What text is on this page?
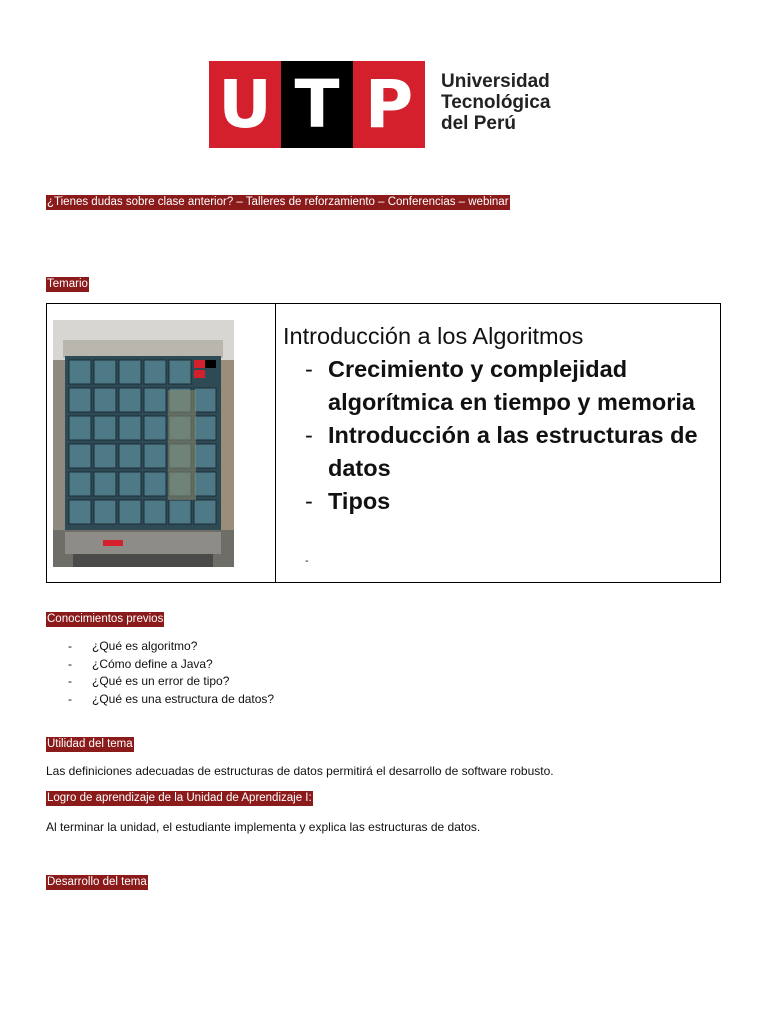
U T P	Universidad
Tecnológica
del Perú
¿Tienes dudas sobre clase anterior? – Talleres de reforzamiento – Conferencias – webinar
Temario
Introducción a los Algoritmos
- Crecimiento y complejidad algorítmica en tiempo y memoria
- Introducción a las estructuras de datos
- Tipos
-
Conocimientos previos
- ¿Qué es algoritmo?
- ¿Cómo define a Java?
- ¿Qué es un error de tipo?
- ¿Qué es una estructura de datos?
Utilidad del tema
Las definiciones adecuadas de estructuras de datos permitirá el desarrollo de software robusto.
Logro de aprendizaje de la Unidad de Aprendizaje I:
Al terminar la unidad, el estudiante implementa y explica las estructuras de datos.
Desarrollo del tema
